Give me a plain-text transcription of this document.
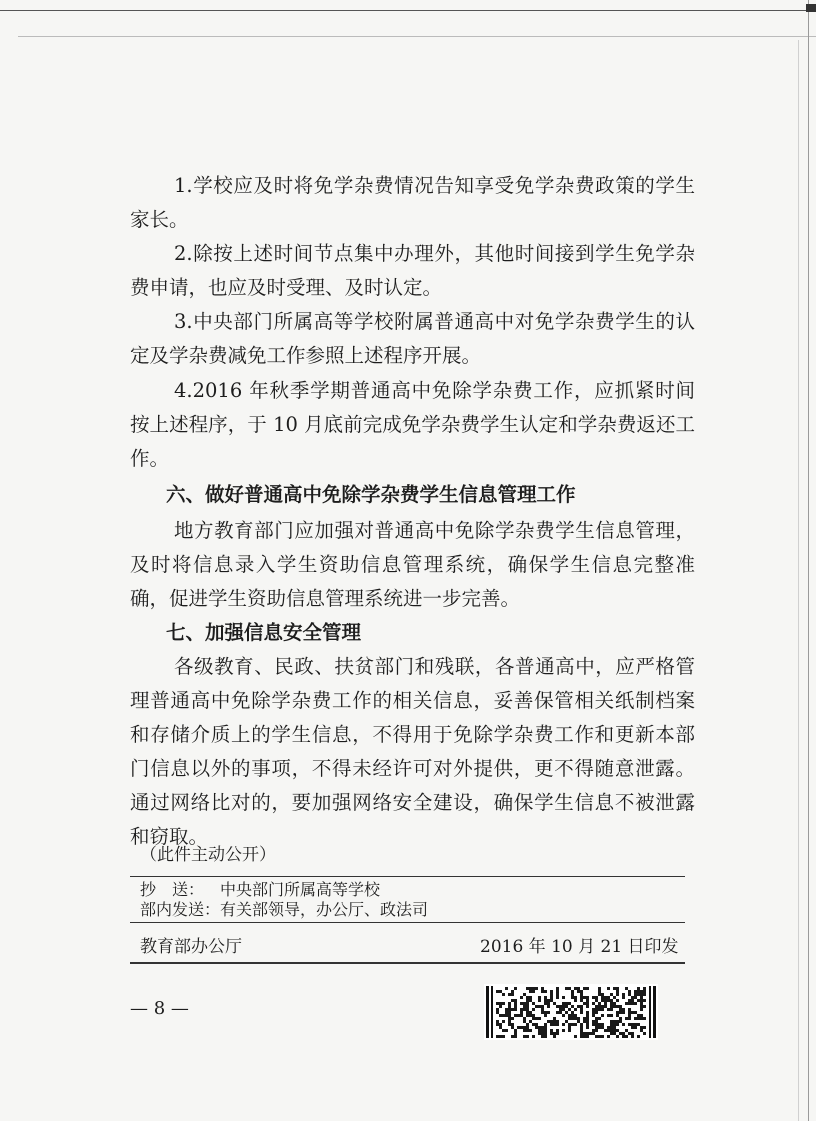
1.学校应及时将免学杂费情况告知享受免学杂费政策的学生家长。

2.除按上述时间节点集中办理外，其他时间接到学生免学杂费申请，也应及时受理、及时认定。

3.中央部门所属高等学校附属普通高中对免学杂费学生的认定及学杂费减免工作参照上述程序开展。

4.2016 年秋季学期普通高中免除学杂费工作，应抓紧时间按上述程序，于 10 月底前完成免学杂费学生认定和学杂费返还工作。

六、做好普通高中免除学杂费学生信息管理工作

地方教育部门应加强对普通高中免除学杂费学生信息管理，及时将信息录入学生资助信息管理系统，确保学生信息完整准确，促进学生资助信息管理系统进一步完善。

七、加强信息安全管理

各级教育、民政、扶贫部门和残联，各普通高中，应严格管理普通高中免除学杂费工作的相关信息，妥善保管相关纸制档案和存储介质上的学生信息，不得用于免除学杂费工作和更新本部门信息以外的事项，不得未经许可对外提供，更不得随意泄露。通过网络比对的，要加强网络安全建设，确保学生信息不被泄露和窃取。

（此件主动公开）
抄　送： 中央部门所属高等学校
部内发送：有关部领导，办公厅、政法司
教育部办公厅	2016 年 10 月 21 日印发
— 8 —
